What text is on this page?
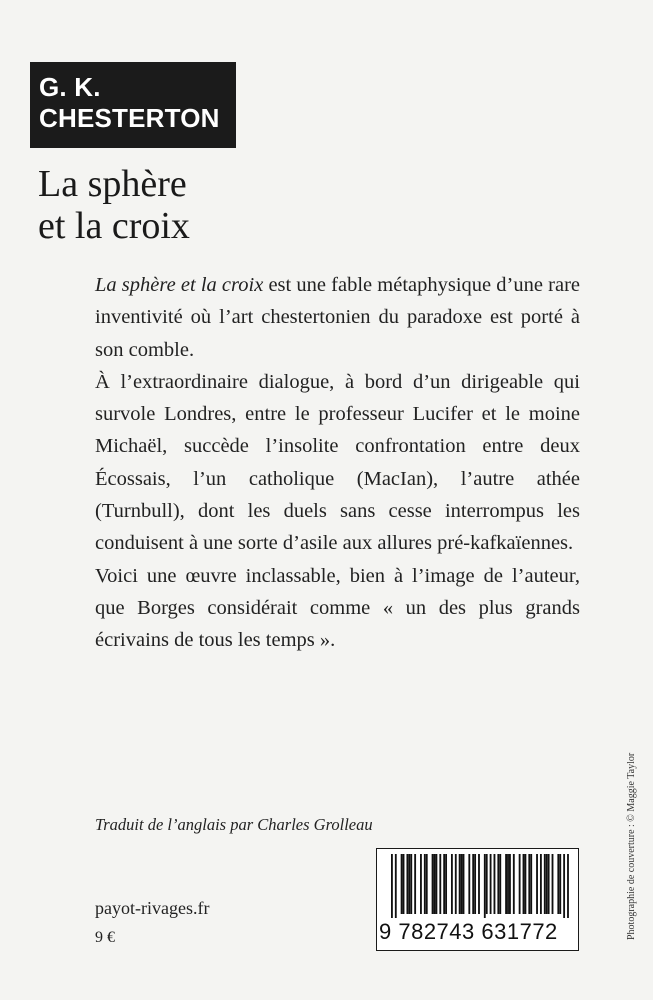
G. K.
CHESTERTON
La sphère
et la croix

La sphère et la croix est une fable métaphysique d’une rare inventivité où l’art chestertonien du paradoxe est porté à son comble.

À l’extraordinaire dialogue, à bord d’un dirigeable qui survole Londres, entre le professeur Lucifer et le moine Michaël, succède l’insolite confrontation entre deux Écossais, l’un catholique (MacIan), l’autre athée (Turnbull), dont les duels sans cesse interrompus les conduisent à une sorte d’asile aux allures pré-kafkaïennes.

Voici une œuvre inclassable, bien à l’image de l’auteur, que Borges considérait comme « un des plus grands écrivains de tous les temps ».

Traduit de l’anglais par Charles Grolleau
payot-rivages.fr
9 €	9 782743 631772	Photographie de couverture : © Maggie Taylor
